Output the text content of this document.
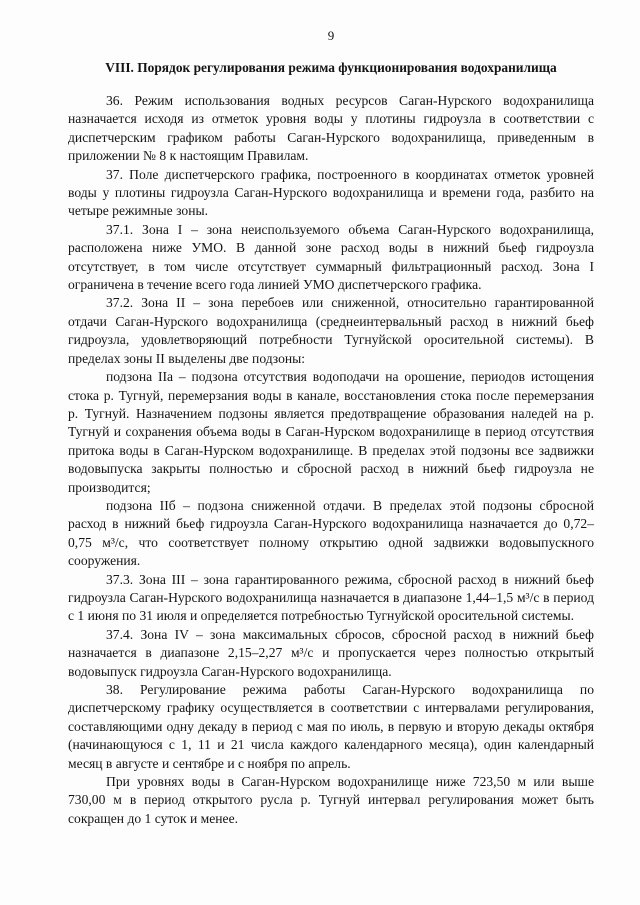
9
VIII. Порядок регулирования режима функционирования водохранилища

36. Режим использования водных ресурсов Саган-Нурского водохранилища назначается исходя из отметок уровня воды у плотины гидроузла в соответствии с диспетчерским графиком работы Саган-Нурского водохранилища, приведенным в приложении № 8 к настоящим Правилам.

37. Поле диспетчерского графика, построенного в координатах отметок уровней воды у плотины гидроузла Саган-Нурского водохранилища и времени года, разбито на четыре режимные зоны.

37.1. Зона I – зона неиспользуемого объема Саган-Нурского водохранилища, расположена ниже УМО. В данной зоне расход воды в нижний бьеф гидроузла отсутствует, в том числе отсутствует суммарный фильтрационный расход. Зона I ограничена в течение всего года линией УМО диспетчерского графика.

37.2. Зона II – зона перебоев или сниженной, относительно гарантированной отдачи Саган-Нурского водохранилища (среднеинтервальный расход в нижний бьеф гидроузла, удовлетворяющий потребности Тугнуйской оросительной системы). В пределах зоны II выделены две подзоны:

подзона IIа – подзона отсутствия водоподачи на орошение, периодов истощения стока р. Тугнуй, перемерзания воды в канале, восстановления стока после перемерзания р. Тугнуй. Назначением подзоны является предотвращение образования наледей на р. Тугнуй и сохранения объема воды в Саган-Нурском водохранилище в период отсутствия притока воды в Саган-Нурском водохранилище. В пределах этой подзоны все задвижки водовыпуска закрыты полностью и сбросной расход в нижний бьеф гидроузла не производится;

подзона IIб – подзона сниженной отдачи. В пределах этой подзоны сбросной расход в нижний бьеф гидроузла Саган-Нурского водохранилища назначается до 0,72–0,75 м³/с, что соответствует полному открытию одной задвижки водовыпускного сооружения.

37.3. Зона III – зона гарантированного режима, сбросной расход в нижний бьеф гидроузла Саган-Нурского водохранилища назначается в диапазоне 1,44–1,5 м³/с в период с 1 июня по 31 июля и определяется потребностью Тугнуйской оросительной системы.

37.4. Зона IV – зона максимальных сбросов, сбросной расход в нижний бьеф назначается в диапазоне 2,15–2,27 м³/с и пропускается через полностью открытый водовыпуск гидроузла Саган-Нурского водохранилища.

38. Регулирование режима работы Саган-Нурского водохранилища по диспетчерскому графику осуществляется в соответствии с интервалами регулирования, составляющими одну декаду в период с мая по июль, в первую и вторую декады октября (начинающуюся с 1, 11 и 21 числа каждого календарного месяца), один календарный месяц в августе и сентябре и с ноября по апрель.

При уровнях воды в Саган-Нурском водохранилище ниже 723,50 м или выше 730,00 м в период открытого русла р. Тугнуй интервал регулирования может быть сокращен до 1 суток и менее.
